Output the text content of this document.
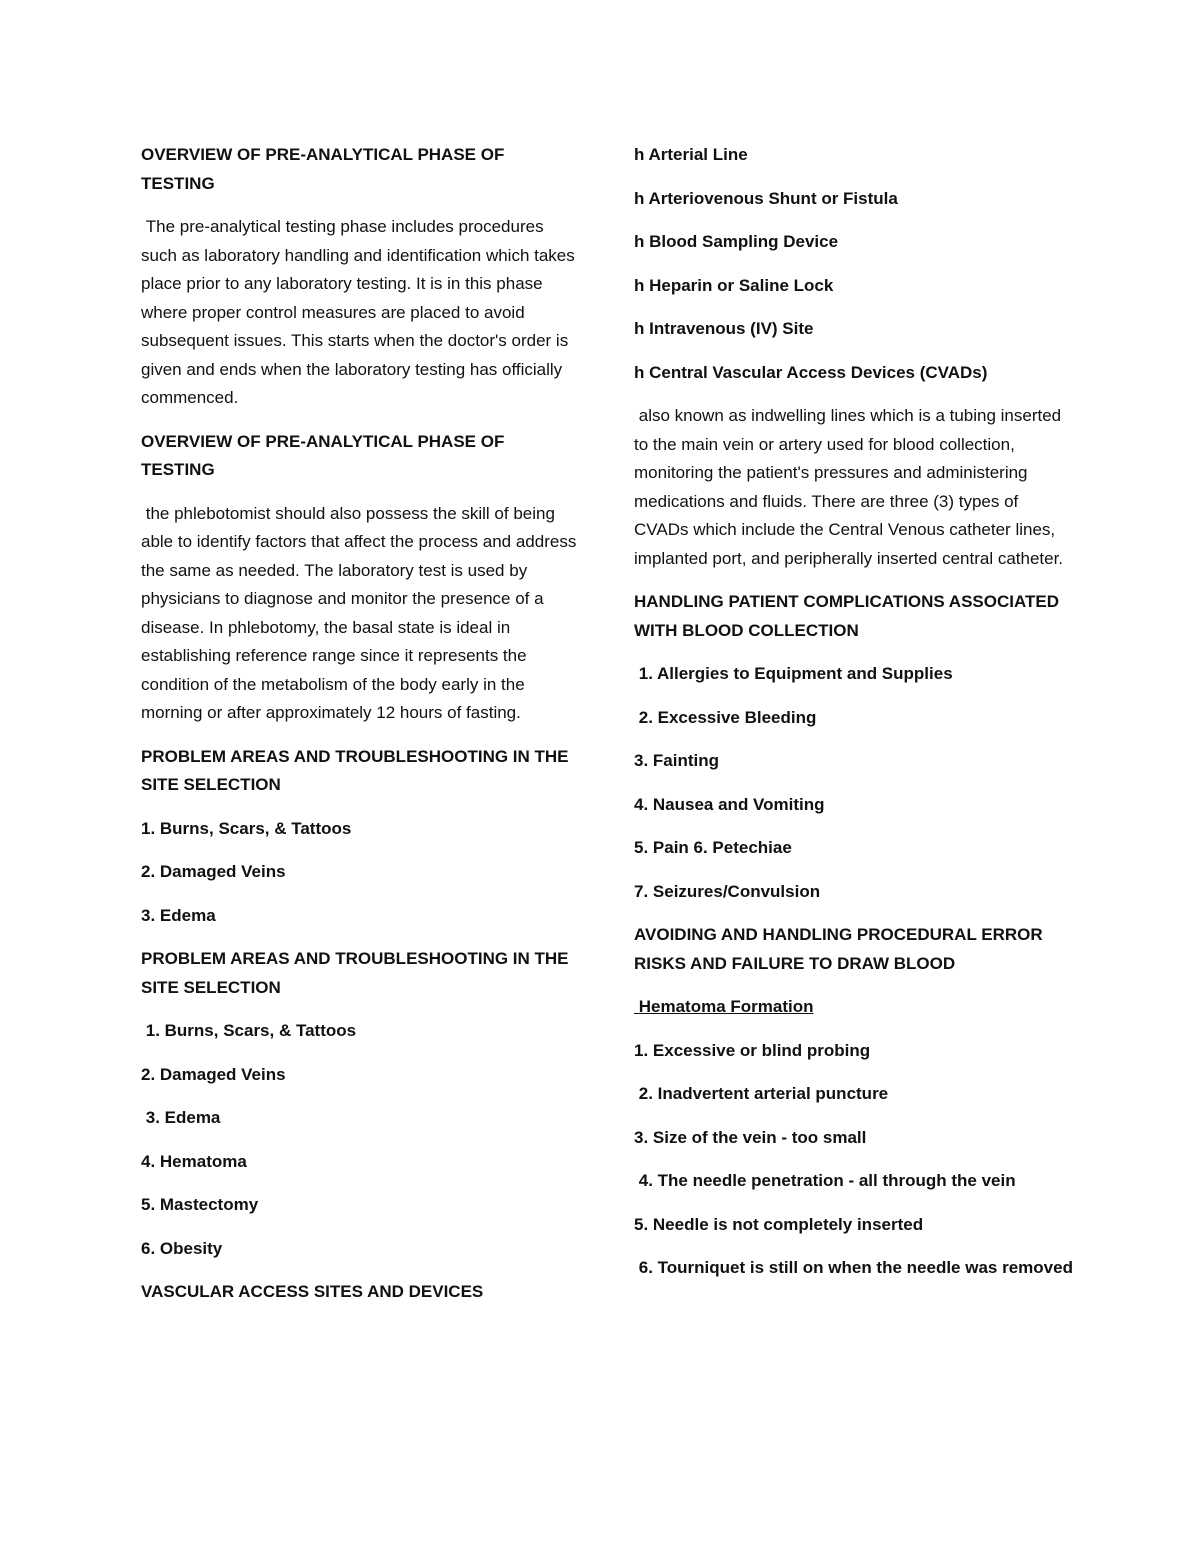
OVERVIEW OF PRE-ANALYTICAL PHASE OF TESTING
The pre-analytical testing phase includes procedures such as laboratory handling and identification which takes place prior to any laboratory testing. It is in this phase where proper control measures are placed to avoid subsequent issues. This starts when the doctor's order is given and ends when the laboratory testing has officially commenced.
OVERVIEW OF PRE-ANALYTICAL PHASE OF TESTING
the phlebotomist should also possess the skill of being able to identify factors that affect the process and address the same as needed. The laboratory test is used by physicians to diagnose and monitor the presence of a disease. In phlebotomy, the basal state is ideal in establishing reference range since it represents the condition of the metabolism of the body early in the morning or after approximately 12 hours of fasting.
PROBLEM AREAS AND TROUBLESHOOTING IN THE SITE SELECTION
1. Burns, Scars, & Tattoos
2. Damaged Veins
3. Edema
PROBLEM AREAS AND TROUBLESHOOTING IN THE SITE SELECTION
1. Burns, Scars, & Tattoos
2. Damaged Veins
3. Edema
4. Hematoma
5. Mastectomy
6. Obesity
VASCULAR ACCESS SITES AND DEVICES
h Arterial Line
h Arteriovenous Shunt or Fistula
h Blood Sampling Device
h Heparin or Saline Lock
h Intravenous (IV) Site
h Central Vascular Access Devices (CVADs)
also known as indwelling lines which is a tubing inserted to the main vein or artery used for blood collection, monitoring the patient's pressures and administering medications and fluids. There are three (3) types of CVADs which include the Central Venous catheter lines, implanted port, and peripherally inserted central catheter.
HANDLING PATIENT COMPLICATIONS ASSOCIATED WITH BLOOD COLLECTION
1. Allergies to Equipment and Supplies
2. Excessive Bleeding
3. Fainting
4. Nausea and Vomiting
5. Pain 6. Petechiae
7. Seizures/Convulsion
AVOIDING AND HANDLING PROCEDURAL ERROR RISKS AND FAILURE TO DRAW BLOOD
Hematoma Formation
1. Excessive or blind probing
2. Inadvertent arterial puncture
3. Size of the vein - too small
4. The needle penetration - all through the vein
5. Needle is not completely inserted
6. Tourniquet is still on when the needle was removed
